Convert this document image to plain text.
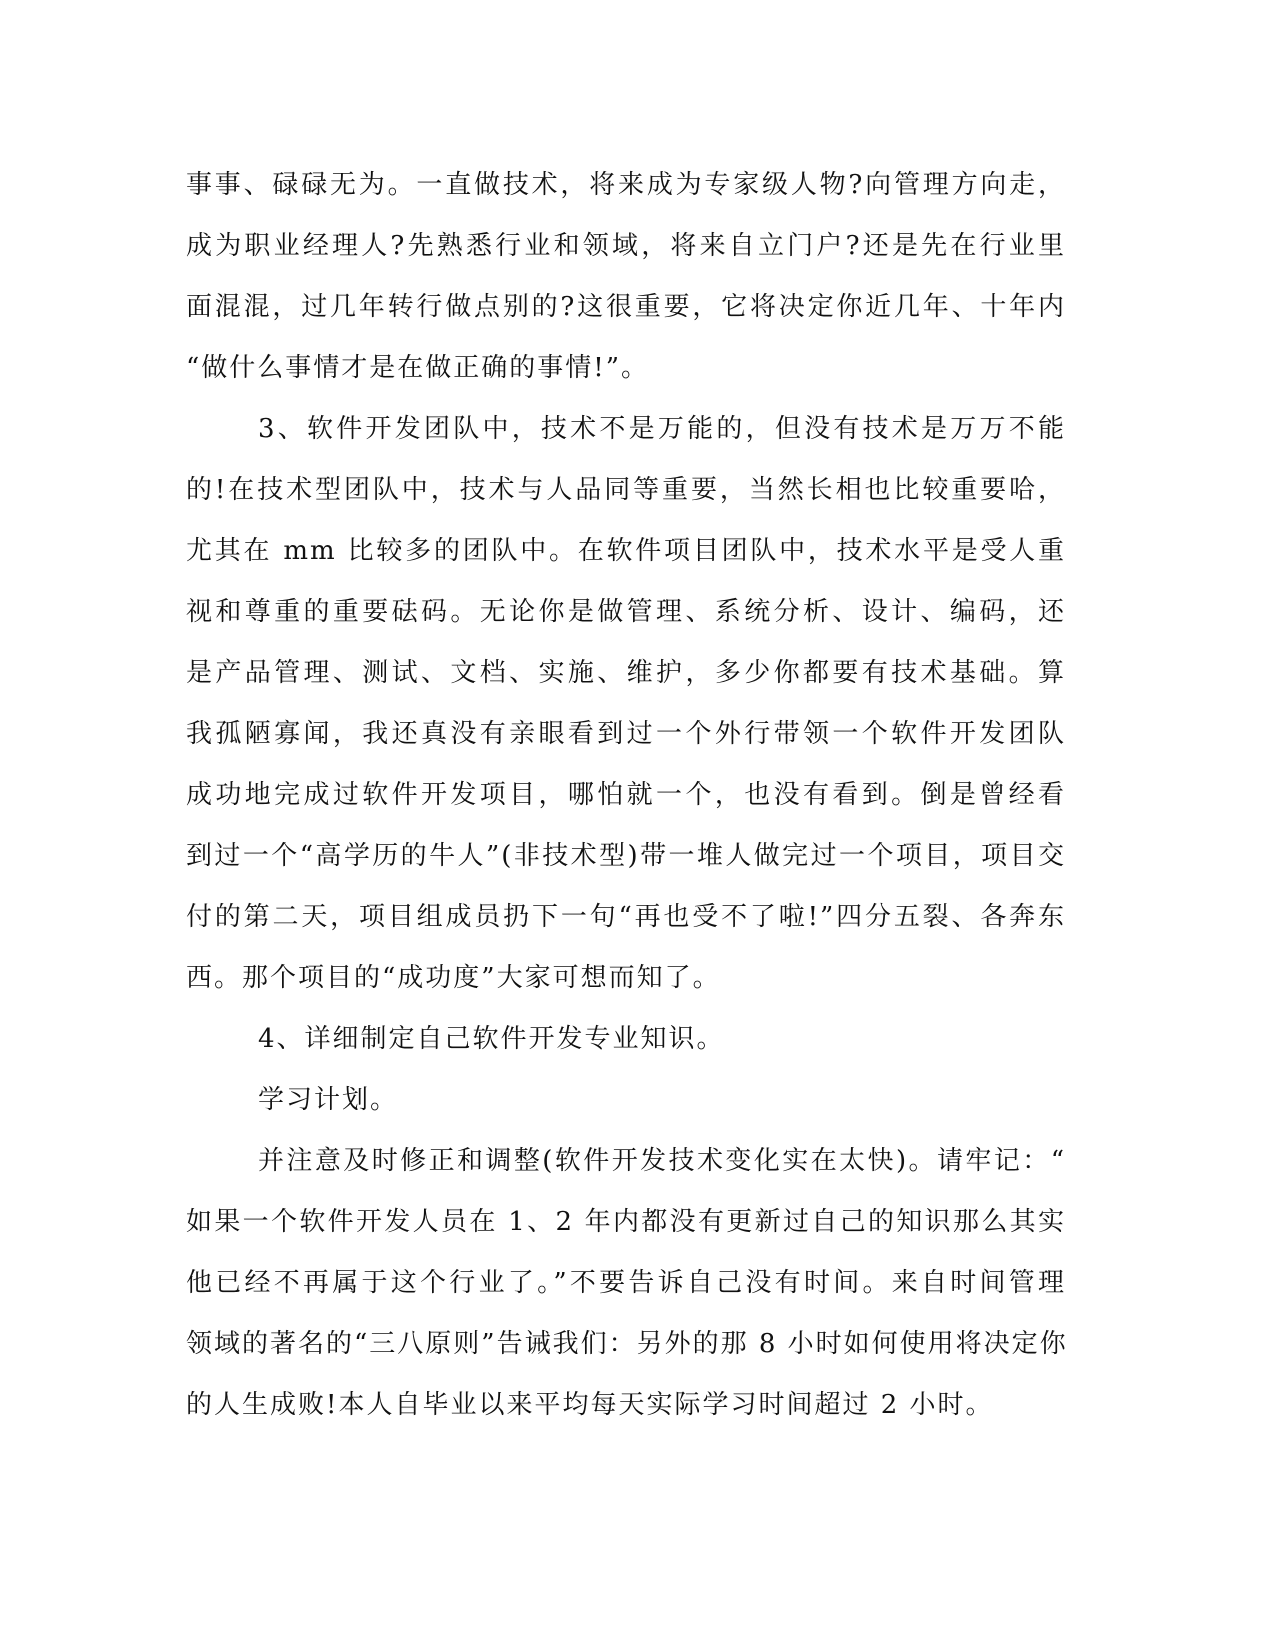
事事、碌碌无为。一直做技术，将来成为专家级人物?向管理方向走，
成为职业经理人?先熟悉行业和领域，将来自立门户?还是先在行业里
面混混，过几年转行做点别的?这很重要，它将决定你近几年、十年内
“做什么事情才是在做正确的事情!”。
3、软件开发团队中，技术不是万能的，但没有技术是万万不能
的!在技术型团队中，技术与人品同等重要，当然长相也比较重要哈，
尤其在 mm 比较多的团队中。在软件项目团队中，技术水平是受人重
视和尊重的重要砝码。无论你是做管理、系统分析、设计、编码，还
是产品管理、测试、文档、实施、维护，多少你都要有技术基础。算
我孤陋寡闻，我还真没有亲眼看到过一个外行带领一个软件开发团队
成功地完成过软件开发项目，哪怕就一个，也没有看到。倒是曾经看
到过一个“高学历的牛人”(非技术型)带一堆人做完过一个项目，项目交
付的第二天，项目组成员扔下一句“再也受不了啦!”四分五裂、各奔东
西。那个项目的“成功度”大家可想而知了。
4、详细制定自己软件开发专业知识。
学习计划。
并注意及时修正和调整(软件开发技术变化实在太快)。请牢记：“
如果一个软件开发人员在 1、2 年内都没有更新过自己的知识那么其实
他已经不再属于这个行业了。”不要告诉自己没有时间。来自时间管理
领域的著名的“三八原则”告诫我们：另外的那 8 小时如何使用将决定你
的人生成败!本人自毕业以来平均每天实际学习时间超过 2 小时。
